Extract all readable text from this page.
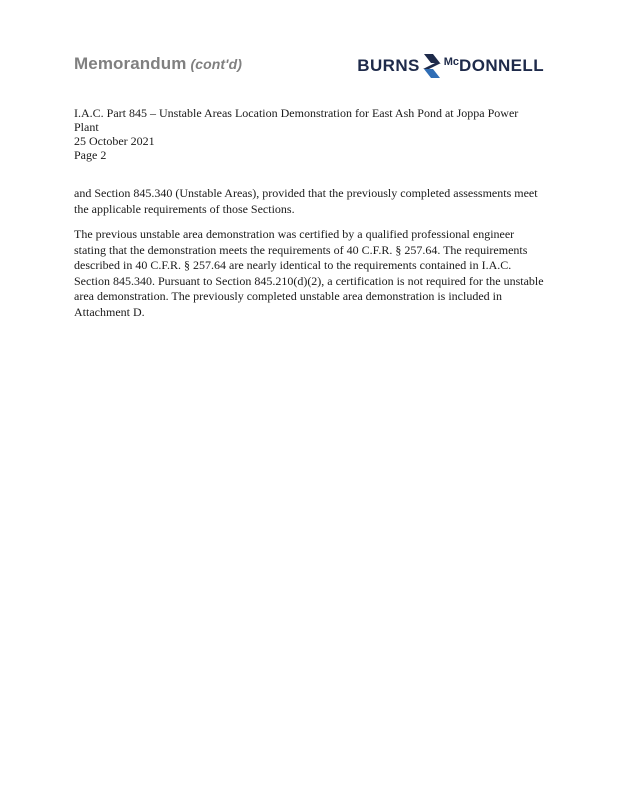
Memorandum (cont'd)	BURNS Mc DONNELL
I.A.C. Part 845 – Unstable Areas Location Demonstration for East Ash Pond at Joppa Power Plant
25 October 2021
Page 2

and Section 845.340 (Unstable Areas), provided that the previously completed assessments meet the applicable requirements of those Sections.

The previous unstable area demonstration was certified by a qualified professional engineer stating that the demonstration meets the requirements of 40 C.F.R. § 257.64. The requirements described in 40 C.F.R. § 257.64 are nearly identical to the requirements contained in I.A.C. Section 845.340. Pursuant to Section 845.210(d)(2), a certification is not required for the unstable area demonstration. The previously completed unstable area demonstration is included in Attachment D.
